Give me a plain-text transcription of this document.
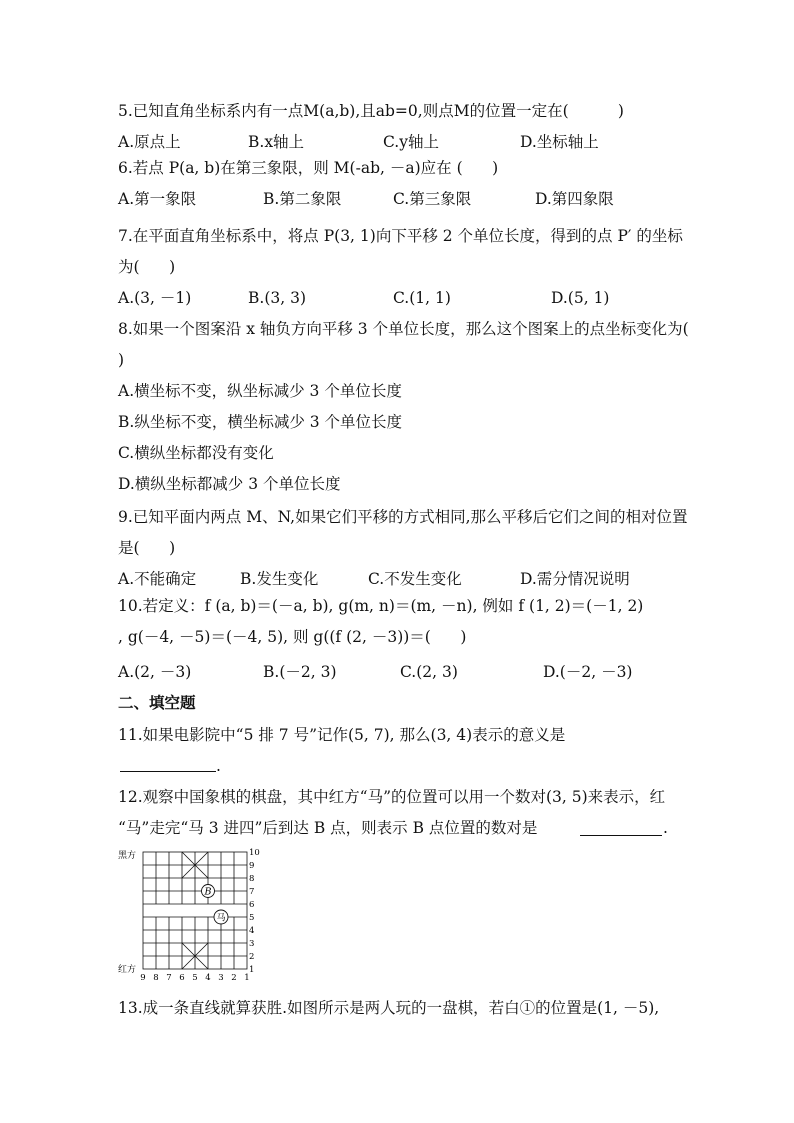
5.已知直角坐标系内有一点M(a,b),且ab=0,则点M的位置一定在(          )
A.原点上	B.x轴上	C.y轴上	D.坐标轴上
6.若点 P(a, b)在第三象限，则 M(-ab, －a)应在 (      )
A.第一象限	B.第二象限	C.第三象限	D.第四象限
7.在平面直角坐标系中，将点 P(3, 1)向下平移 2 个单位长度，得到的点 P′ 的坐标
为(      )
A.(3, －1)	B.(3, 3)	C.(1, 1)	D.(5, 1)
8.如果一个图案沿 x 轴负方向平移 3 个单位长度，那么这个图案上的点坐标变化为(
)
A.横坐标不变，纵坐标减少 3 个单位长度
B.纵坐标不变，横坐标减少 3 个单位长度
C.横纵坐标都没有变化
D.横纵坐标都减少 3 个单位长度
9.已知平面内两点 M、N,如果它们平移的方式相同,那么平移后它们之间的相对位置
是(      )
A.不能确定	B.发生变化	C.不发生变化	D.需分情况说明
10.若定义：f (a, b)＝(－a, b), g(m, n)＝(m, －n), 例如 f (1, 2)＝(－1, 2)
, g(－4, －5)＝(－4, 5), 则 g((f (2, －3))＝(      )
A.(2, －3)	B.(－2, 3)	C.(2, 3)	D.(－2, －3)
二、填空题
11.如果电影院中“5 排 7 号”记作(5, 7), 那么(3, 4)表示的意义是
.
12.观察中国象棋的棋盘，其中红方“马”的位置可以用一个数对(3, 5)来表示，红
“马”走完“马 3 进四”后到达 B 点，则表示 B 点位置的数对是	.
黑方
红方
10
9
8
7
6
5
4
3
2
1
9 8 7 6 5 4 3 2 1
B
马
13.成一条直线就算获胜.如图所示是两人玩的一盘棋，若白①的位置是(1, －5),
